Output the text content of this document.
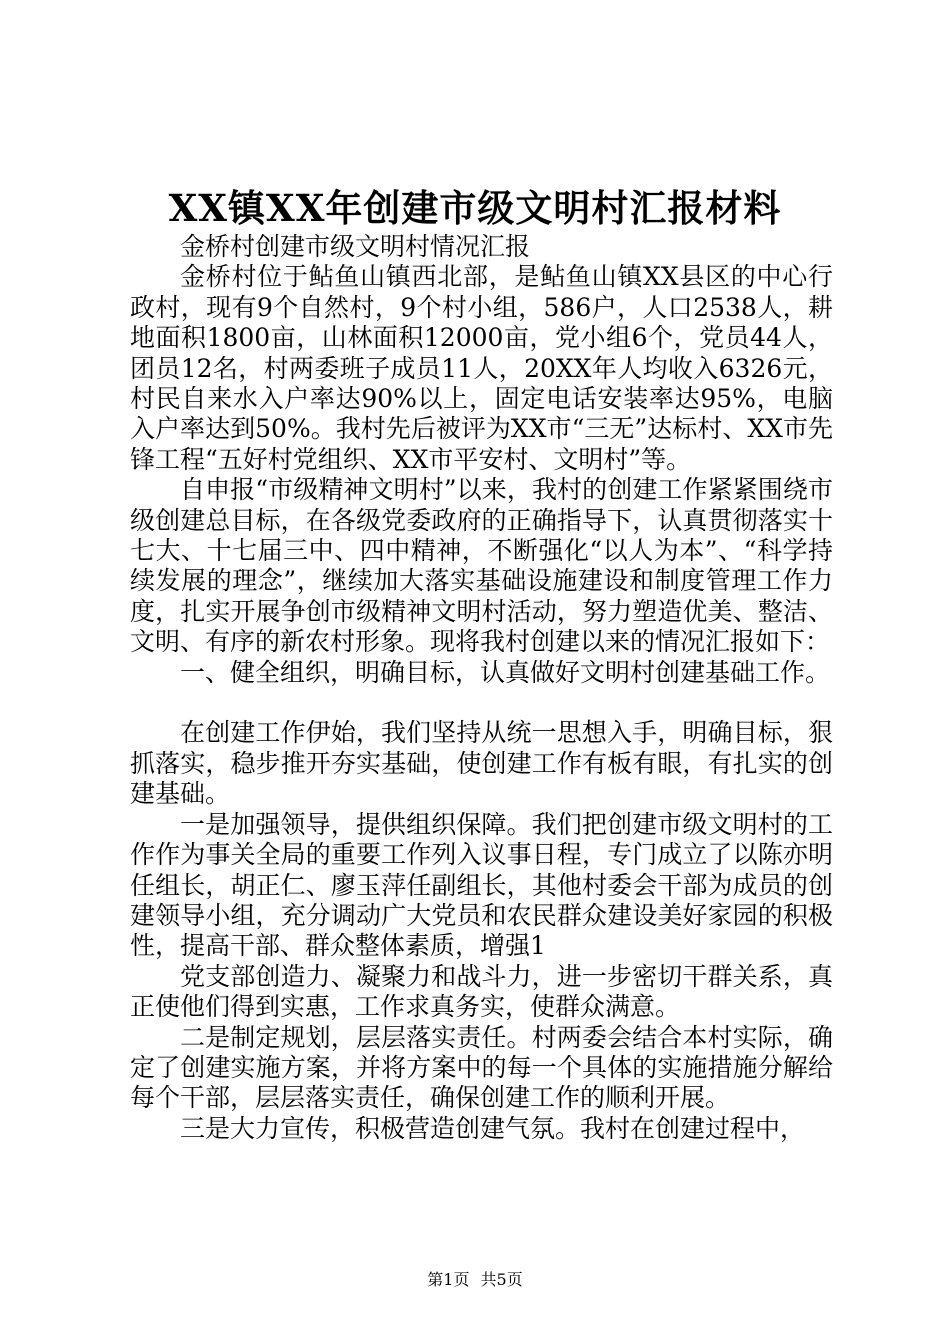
XX镇XX年创建市级文明村汇报材料

金桥村创建市级文明村情况汇报

金桥村位于鲇鱼山镇西北部，是鲇鱼山镇XX县区的中心行政村，现有9个自然村，9个村小组，586户，人口2538人，耕地面积1800亩，山林面积12000亩，党小组6个，党员44人，团员12名，村两委班子成员11人，20XX年人均收入6326元，村民自来水入户率达90%以上，固定电话安装率达95%，电脑入户率达到50%。我村先后被评为XX市“三无”达标村、XX市先锋工程“五好村党组织、XX市平安村、文明村”等。

自申报“市级精神文明村”以来，我村的创建工作紧紧围绕市级创建总目标，在各级党委政府的正确指导下，认真贯彻落实十七大、十七届三中、四中精神，不断强化“以人为本”、“科学持续发展的理念”，继续加大落实基础设施建设和制度管理工作力度，扎实开展争创市级精神文明村活动，努力塑造优美、整洁、文明、有序的新农村形象。现将我村创建以来的情况汇报如下：

一、健全组织，明确目标，认真做好文明村创建基础工作。

在创建工作伊始，我们坚持从统一思想入手，明确目标，狠抓落实，稳步推开夯实基础，使创建工作有板有眼，有扎实的创建基础。

一是加强领导，提供组织保障。我们把创建市级文明村的工作作为事关全局的重要工作列入议事日程，专门成立了以陈亦明任组长，胡正仁、廖玉萍任副组长，其他村委会干部为成员的创建领导小组，充分调动广大党员和农民群众建设美好家园的积极性，提高干部、群众整体素质，增强1

党支部创造力、凝聚力和战斗力，进一步密切干群关系，真正使他们得到实惠，工作求真务实，使群众满意。

二是制定规划，层层落实责任。村两委会结合本村实际，确定了创建实施方案，并将方案中的每一个具体的实施措施分解给每个干部，层层落实责任，确保创建工作的顺利开展。

三是大力宣传，积极营造创建气氛。我村在创建过程中，

第1页 共5页
